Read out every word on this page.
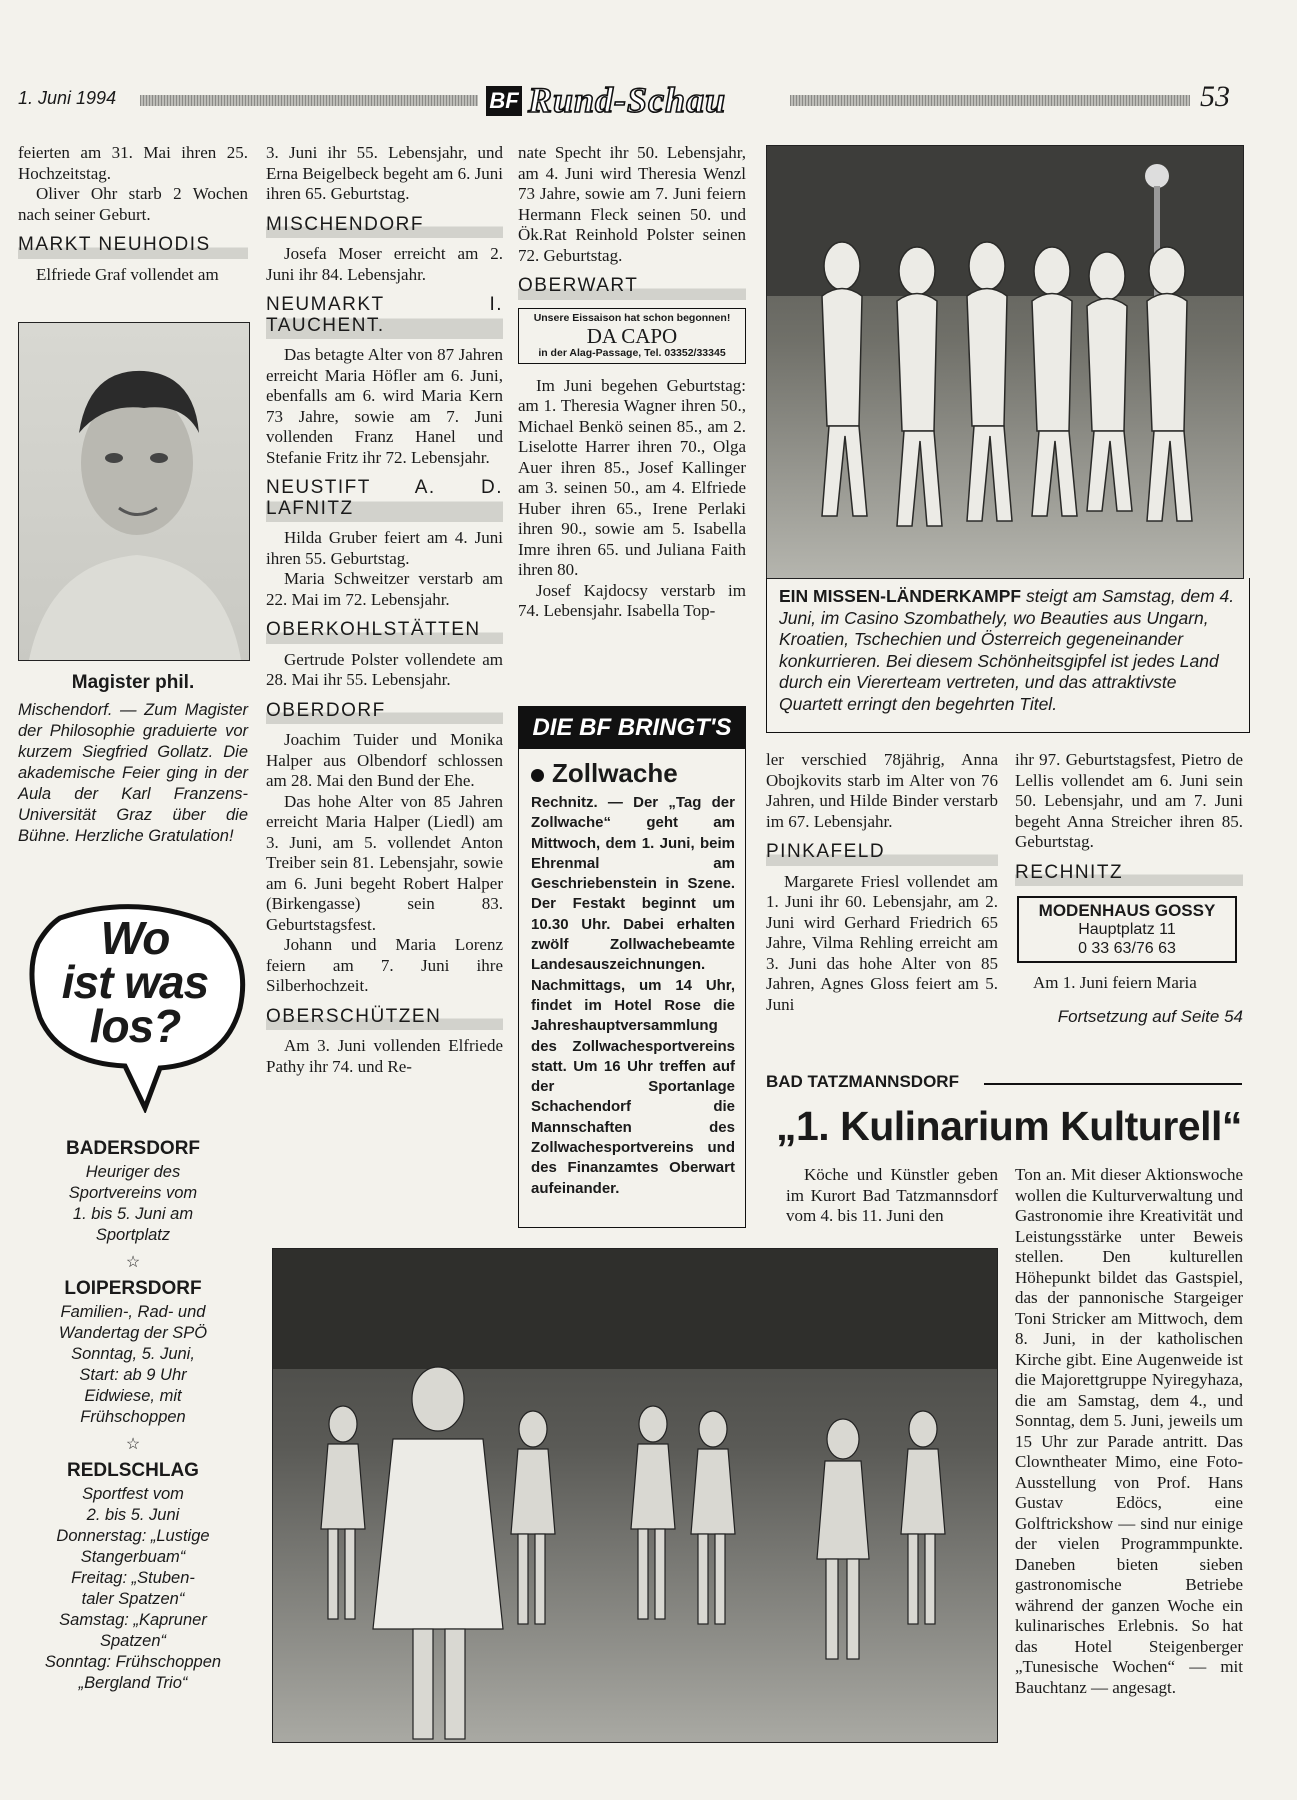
1. Juni 1994	BF Rund-Schau	53

feierten am 31. Mai ihren 25. Hochzeitstag.

Oliver Ohr starb 2 Wochen nach seiner Geburt.

MARKT NEUHODIS

Elfriede Graf vollendet am

Magister phil.

Mischendorf. — Zum Magister der Philosophie graduierte vor kurzem Siegfried Gollatz. Die akademische Feier ging in der Aula der Karl Franzens-Universität Graz über die Bühne. Herzliche Gratulation!

Wo
ist was
los?
BADERSDORF
Heuriger des
Sportvereins vom
1. bis 5. Juni am
Sportplatz
☆
LOIPERSDORF
Familien-, Rad- und
Wandertag der SPÖ
Sonntag, 5. Juni,
Start: ab 9 Uhr
Eidwiese, mit
Frühschoppen
☆
REDLSCHLAG
Sportfest vom
2. bis 5. Juni
Donnerstag: „Lustige
Stangerbuam“
Freitag: „Stuben-
taler Spatzen“
Samstag: „Kapruner
Spatzen“
Sonntag: Frühschoppen
„Bergland Trio“

3. Juni ihr 55. Lebensjahr, und Erna Beigelbeck begeht am 6. Juni ihren 65. Geburtstag.

MISCHENDORF

Josefa Moser erreicht am 2. Juni ihr 84. Lebensjahr.

NEUMARKT I. TAUCHENT.

Das betagte Alter von 87 Jahren erreicht Maria Höfler am 6. Juni, ebenfalls am 6. wird Maria Kern 73 Jahre, sowie am 7. Juni vollenden Franz Hanel und Stefanie Fritz ihr 72. Lebensjahr.

NEUSTIFT A. D. LAFNITZ

Hilda Gruber feiert am 4. Juni ihren 55. Geburtstag.

Maria Schweitzer verstarb am 22. Mai im 72. Lebensjahr.

OBERKOHLSTÄTTEN

Gertrude Polster vollendete am 28. Mai ihr 55. Lebensjahr.

OBERDORF

Joachim Tuider und Monika Halper aus Olbendorf schlossen am 28. Mai den Bund der Ehe.

Das hohe Alter von 85 Jahren erreicht Maria Halper (Liedl) am 3. Juni, am 5. vollendet Anton Treiber sein 81. Lebensjahr, sowie am 6. Juni begeht Robert Halper (Birkengasse) sein 83. Geburtstagsfest.

Johann und Maria Lorenz feiern am 7. Juni ihre Silberhochzeit.

OBERSCHÜTZEN

Am 3. Juni vollenden Elfriede Pathy ihr 74. und Re-

nate Specht ihr 50. Lebensjahr, am 4. Juni wird Theresia Wenzl 73 Jahre, sowie am 7. Juni feiern Hermann Fleck seinen 50. und Ök.Rat Reinhold Polster seinen 72. Geburtstag.

OBERWART
Unsere Eissaison hat schon begonnen!
DA CAPO
in der Alag-Passage, Tel. 03352/33345

Im Juni begehen Geburtstag: am 1. Theresia Wagner ihren 50., Michael Benkö seinen 85., am 2. Liselotte Harrer ihren 70., Olga Auer ihren 85., Josef Kallinger am 3. seinen 50., am 4. Elfriede Huber ihren 65., Irene Perlaki ihren 90., sowie am 5. Isabella Imre ihren 65. und Juliana Faith ihren 80.

Josef Kajdocsy verstarb im 74. Lebensjahr. Isabella Top-

DIE BF BRINGT'S
Zollwache

Rechnitz. — Der „Tag der Zollwache“ geht am Mittwoch, dem 1. Juni, beim Ehrenmal am Geschriebenstein in Szene. Der Festakt beginnt um 10.30 Uhr. Dabei erhalten zwölf Zollwachebeamte Landesauszeichnungen. Nachmittags, um 14 Uhr, findet im Hotel Rose die Jahreshauptversammlung des Zollwachesportvereins statt. Um 16 Uhr treffen auf der Sportanlage Schachendorf die Mannschaften des Zollwachesportvereins und des Finanzamtes Oberwart aufeinander.

EIN MISSEN-LÄNDERKAMPF steigt am Samstag, dem 4. Juni, im Casino Szombathely, wo Beauties aus Ungarn, Kroatien, Tschechien und Österreich gegeneinander konkurrieren. Bei diesem Schönheitsgipfel ist jedes Land durch ein Viererteam vertreten, und das attraktivste Quartett erringt den begehrten Titel.

ler verschied 78jährig, Anna Obojkovits starb im Alter von 76 Jahren, und Hilde Binder verstarb im 67. Lebensjahr.

PINKAFELD

Margarete Friesl vollendet am 1. Juni ihr 60. Lebensjahr, am 2. Juni wird Gerhard Friedrich 65 Jahre, Vilma Rehling erreicht am 3. Juni das hohe Alter von 85 Jahren, Agnes Gloss feiert am 5. Juni

ihr 97. Geburtstagsfest, Pietro de Lellis vollendet am 6. Juni sein 50. Lebensjahr, und am 7. Juni begeht Anna Streicher ihren 85. Geburtstag.

RECHNITZ
MODENHAUS GOSSY
Hauptplatz 11
0 33 63/76 63

Am 1. Juni feiern Maria

Fortsetzung auf Seite 54

BAD TATZMANNSDORF
„1. Kulinarium Kulturell“

Köche und Künstler geben im Kurort Bad Tatzmannsdorf vom 4. bis 11. Juni den

Ton an. Mit dieser Aktionswoche wollen die Kulturverwaltung und Gastronomie ihre Kreativität und Leistungsstärke unter Beweis stellen. Den kulturellen Höhepunkt bildet das Gastspiel, das der pannonische Stargeiger Toni Stricker am Mittwoch, dem 8. Juni, in der katholischen Kirche gibt. Eine Augenweide ist die Majorettgruppe Nyiregyhaza, die am Samstag, dem 4., und Sonntag, dem 5. Juni, jeweils um 15 Uhr zur Parade antritt. Das Clowntheater Mimo, eine Foto-Ausstellung von Prof. Hans Gustav Edöcs, eine Golftrickshow — sind nur einige der vielen Programmpunkte. Daneben bieten sieben gastronomische Betriebe während der ganzen Woche ein kulinarisches Erlebnis. So hat das Hotel Steigenberger „Tunesische Wochen“ — mit Bauchtanz — angesagt.
